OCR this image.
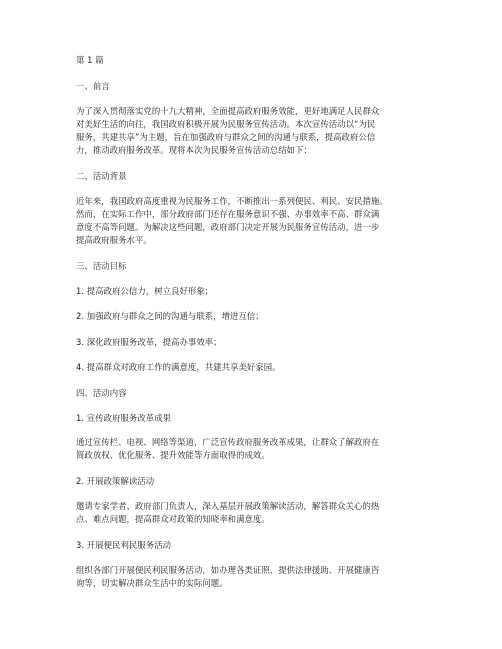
第 1 篇

一、前言

为了深入贯彻落实党的十九大精神，全面提高政府服务效能，更好地满足人民群众

对美好生活的向往，我国政府积极开展为民服务宣传活动。本次宣传活动以“为民

服务，共建共享”为主题，旨在加强政府与群众之间的沟通与联系，提高政府公信

力，推动政府服务改革。现将本次为民服务宣传活动总结如下：

二、活动背景

近年来，我国政府高度重视为民服务工作，不断推出一系列便民、利民、安民措施。

然而，在实际工作中，部分政府部门还存在服务意识不强、办事效率不高、群众满

意度不高等问题。为解决这些问题，政府部门决定开展为民服务宣传活动，进一步

提高政府服务水平。

三、活动目标

1. 提高政府公信力，树立良好形象；

2. 加强政府与群众之间的沟通与联系，增进互信；

3. 深化政府服务改革，提高办事效率；

4. 提高群众对政府工作的满意度，共建共享美好家园。

四、活动内容

1. 宣传政府服务改革成果

通过宣传栏、电视、网络等渠道，广泛宣传政府服务改革成果，让群众了解政府在

简政放权、优化服务、提升效能等方面取得的成效。

2. 开展政策解读活动

邀请专家学者、政府部门负责人，深入基层开展政策解读活动，解答群众关心的热

点、难点问题，提高群众对政策的知晓率和满意度。

3. 开展便民利民服务活动

组织各部门开展便民利民服务活动，如办理各类证照、提供法律援助、开展健康咨

询等，切实解决群众生活中的实际问题。
